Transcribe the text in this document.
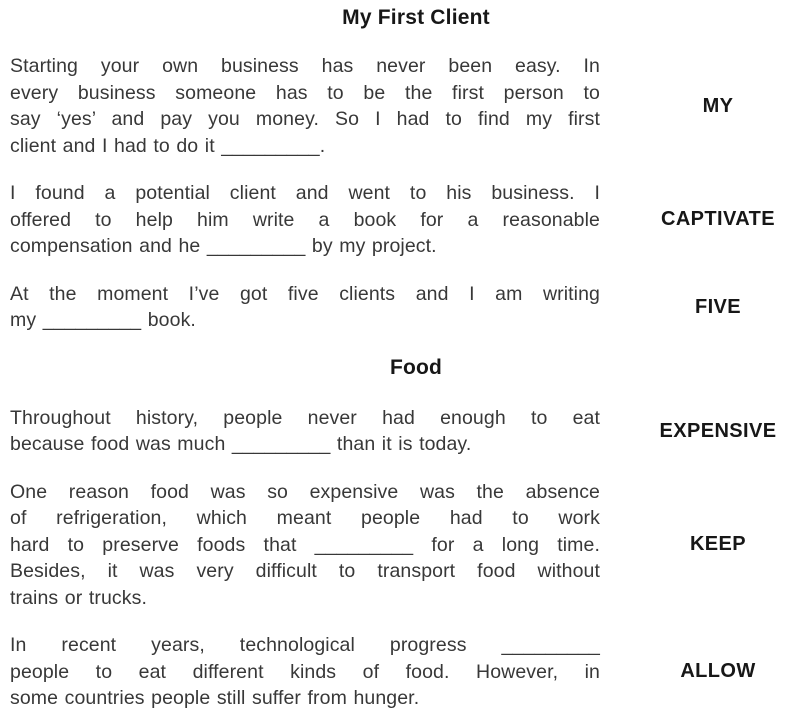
My First Client
Starting your own business has never been easy. In
every business someone has to be the first person to
say ‘yes’ and pay you money. So I had to find my first
client and I had to do it _________.
MY
I found a potential client and went to his business. I
offered to help him write a book for a reasonable
compensation and he _________ by my project.
CAPTIVATE
At the moment I’ve got five clients and I am writing
my _________ book.
FIVE
Food
Throughout history, people never had enough to eat
because food was much _________ than it is today.
EXPENSIVE
One reason food was so expensive was the absence
of refrigeration, which meant people had to work
hard to preserve foods that _________ for a long time.
Besides, it was very difficult to transport food without
trains or trucks.
KEEP
In recent years, technological progress _________
people to eat different kinds of food. However, in
some countries people still suffer from hunger.
ALLOW
